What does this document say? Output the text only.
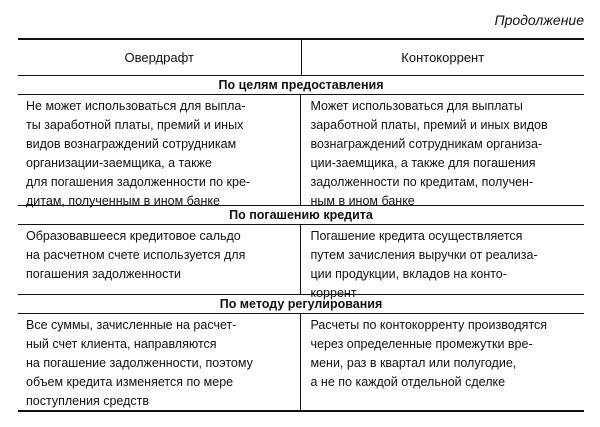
Продолжение
Овердрафт	Контокоррент
По целям предоставления
Не может использоваться для выпла-
ты заработной платы, премий и иных
видов вознаграждений сотрудникам
организации-заемщика, а также
для погашения задолженности по кре-
дитам, полученным в ином банке
Может использоваться для выплаты
заработной платы, премий и иных видов
вознаграждений сотрудникам организа-
ции-заемщика, а также для погашения
задолженности по кредитам, получен-
ным в ином банке
По погашению кредита
Образовавшееся кредитовое сальдо
на расчетном счете используется для
погашения задолженности
Погашение кредита осуществляется
путем зачисления выручки от реализа-
ции продукции, вкладов на конто-
коррент
По методу регулирования
Все суммы, зачисленные на расчет-
ный счет клиента, направляются
на погашение задолженности, поэтому
объем кредита изменяется по мере
поступления средств
Расчеты по контокорренту производятся
через определенные промежутки вре-
мени, раз в квартал или полугодие,
а не по каждой отдельной сделке
